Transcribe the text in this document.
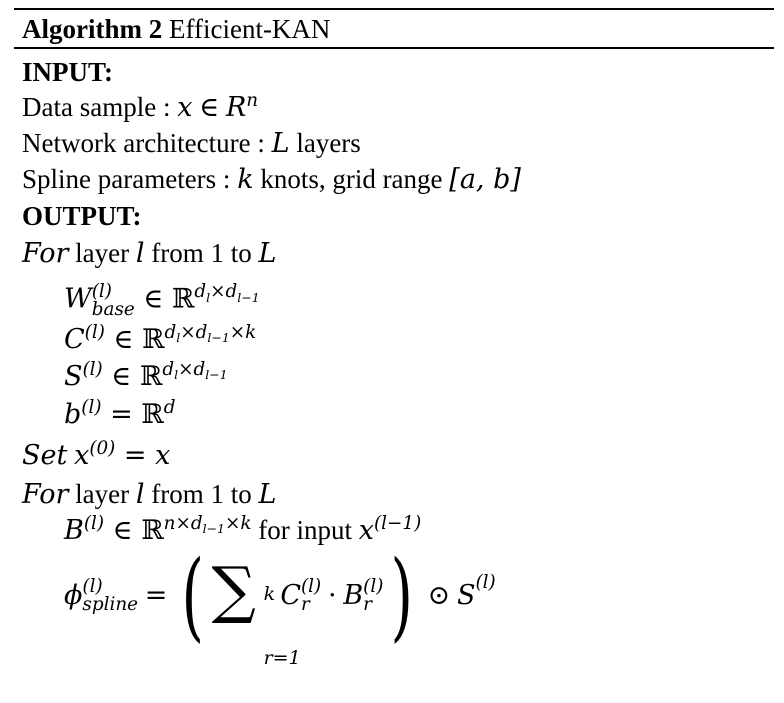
Algorithm 2 Efficient-KAN
INPUT:
Data sample : x ∈ $R^n$
Network architecture : L layers
Spline parameters : k knots, grid range [a, b]
OUTPUT:
For layer l from 1 to L
W (l)
base ∈ ℝ$^{d_l\times d_{l-1}}$
$C^{(l)}$ ∈ ℝ$^{d_l\times d_{l-1}\times k}$
$S^{(l)}$ ∈ ℝ$^{d_l\times d_{l-1}}$
$b^{(l)}$ = ℝ$^d$
Set $x^{(0)} = x$
For layer l from 1 to L
$B^{(l)}$ ∈ ℝ$^{n\times d_{l-1}\times k}$ for input $x^{(l-1)}$
ϕ (l)
spline = ( ∑ k
r=1
C (l)
r · B (l)
r ) ⊙ $S^{(l)}$
